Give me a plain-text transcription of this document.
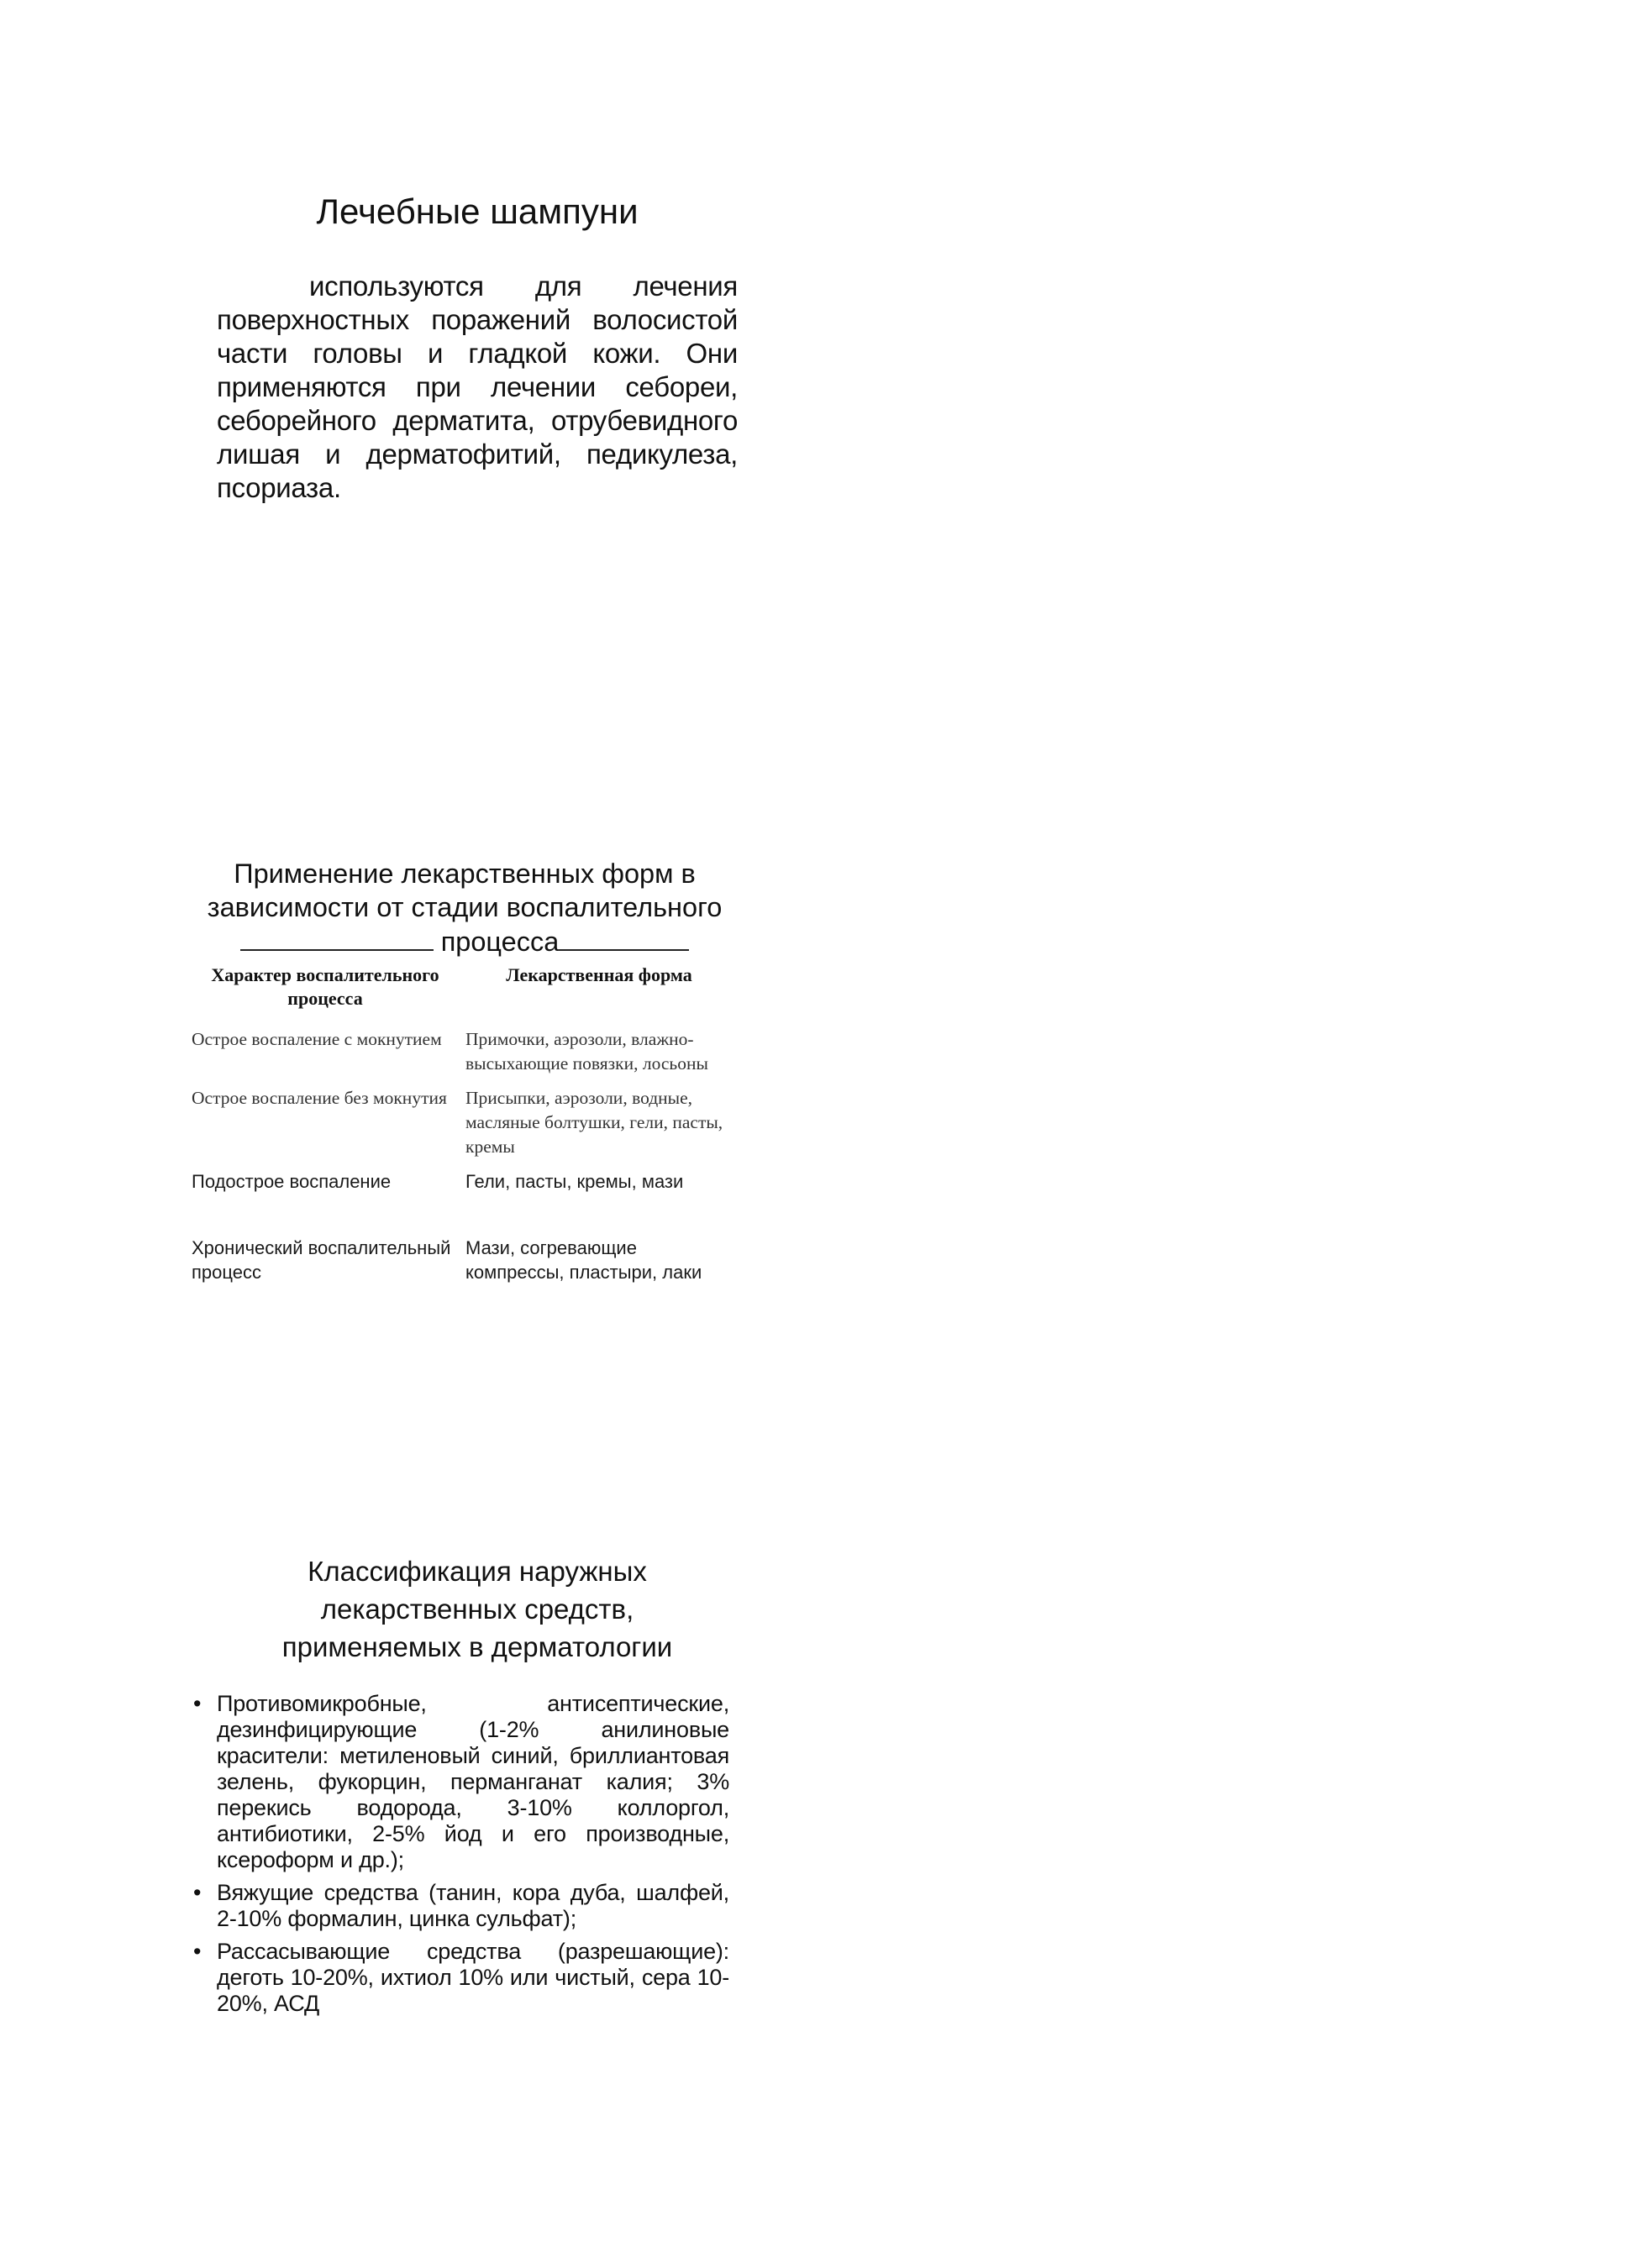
Лечебные шампуни

используются для лечения поверхностных поражений волосистой части головы и гладкой кожи. Они применяются при лечении себореи, себорейного дерматита, отрубевидного лишая и дерматофитий, педикулеза, псориаза.

Применение лекарственных форм в
зависимости от стадии воспалительного
процесса
Характер воспалительного процесса	Лекарственная форма
Острое воспаление с мокнутием	Примочки, аэрозоли, влажно-высыхающие повязки, лосьоны
Острое воспаление без мокнутия	Присыпки, аэрозоли, водные, масляные болтушки, гели, пасты, кремы
Подострое воспаление	Гели, пасты, кремы, мази
Хронический воспалительный процесс	Мази, согревающие компрессы, пластыри, лаки
Классификация наружных
лекарственных средств,
применяемых в дерматологии
• Противомикробные, антисептические, дезинфицирующие (1-2% анилиновые красители: метиленовый синий, бриллиантовая зелень, фукорцин, перманганат калия; 3% перекись водорода, 3-10% коллоргол, антибиотики, 2-5% йод и его производные, ксероформ и др.);
• Вяжущие средства (танин, кора дуба, шалфей, 2-10% формалин, цинка сульфат);
• Рассасывающие средства (разрешающие): деготь 10-20%, ихтиол 10% или чистый, сера 10-20%, АСД
